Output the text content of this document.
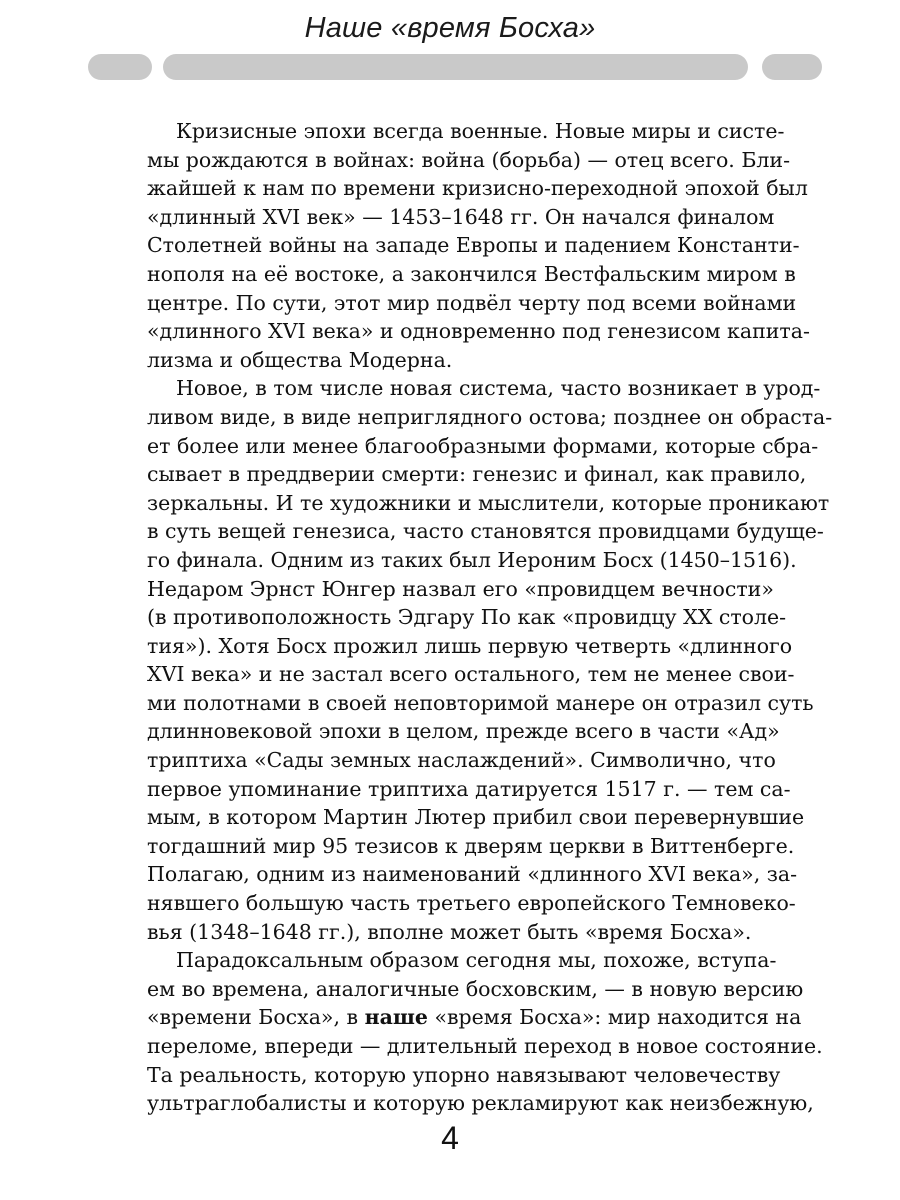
Наше «время Босха»
Кризисные эпохи всегда военные. Новые миры и систе-
мы рождаются в войнах: война (борьба) — отец всего. Бли-
жайшей к нам по времени кризисно-переходной эпохой был
«длинный XVI век» — 1453–1648 гг. Он начался финалом
Столетней войны на западе Европы и падением Константи-
нополя на её востоке, а закончился Вестфальским миром в
центре. По сути, этот мир подвёл черту под всеми войнами
«длинного XVI века» и одновременно под генезисом капита-
лизма и общества Модерна.
Новое, в том числе новая система, часто возникает в урод-
ливом виде, в виде неприглядного остова; позднее он обраста-
ет более или менее благообразными формами, которые сбра-
сывает в преддверии смерти: генезис и финал, как правило,
зеркальны. И те художники и мыслители, которые проникают
в суть вещей генезиса, часто становятся провидцами будуще-
го финала. Одним из таких был Иероним Босх (1450–1516).
Недаром Эрнст Юнгер назвал его «провидцем вечности»
(в противоположность Эдгару По как «провидцу XX столе-
тия»). Хотя Босх прожил лишь первую четверть «длинного
XVI века» и не застал всего остального, тем не менее свои-
ми полотнами в своей неповторимой манере он отразил суть
длинновековой эпохи в целом, прежде всего в части «Ад»
триптиха «Сады земных наслаждений». Символично, что
первое упоминание триптиха датируется 1517 г. — тем са-
мым, в котором Мартин Лютер прибил свои перевернувшие
тогдашний мир 95 тезисов к дверям церкви в Виттенберге.
Полагаю, одним из наименований «длинного XVI века», за-
нявшего большую часть третьего европейского Темновеко-
вья (1348–1648 гг.), вполне может быть «время Босха».
Парадоксальным образом сегодня мы, похоже, вступа-
ем во времена, аналогичные босховским, — в новую версию
«времени Босха», в наше «время Босха»: мир находится на
переломе, впереди — длительный переход в новое состояние.
Та реальность, которую упорно навязывают человечеству
ультраглобалисты и которую рекламируют как неизбежную,
4
